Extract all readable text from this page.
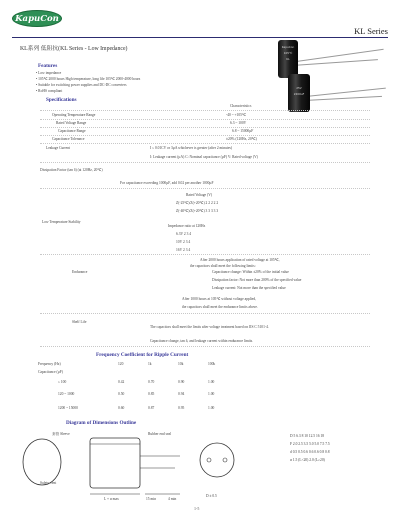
KapuCon
KL Series
KL系列 低阻抗(KL Series - Low Impedance)	KapuCon
105℃
KL
25V
2200uF
Features
• Low impedance
• 105℃ 2000 hours High temperature, long life 105℃ 2000-4000 hours
• Suitable for switching power supplies and DC-DC converters
• RoHS compliant
Specifications
Characteristics
Operating Temperature Range	-40 ~ +105℃
Rated Voltage Range	6.3 ~ 100V
Capacitance Range	6.8 ~ 15000µF
Capacitance Tolerance	±20% (120Hz, 20℃)
Leakage Current	I ≤ 0.01CV or 3µA whichever is greater (after 2 minutes)
I: Leakage current (µA) C: Nominal capacitance (µF) V: Rated voltage (V)
Dissipation Factor (tan δ) (at 120Hz, 20℃)
For capacitance exceeding 1000µF, add 0.02 per another 1000µF
Rated Voltage (V)
Z(-25℃)/Z(+20℃) 2 2 2 2 2
Z(-40℃)/Z(+20℃) 3 3 3 3 3
Low Temperature Stability
Impedance ratio at 120Hz
6.3V 2 3 4
10V 2 3 4
16V 2 3 4
After 2000 hours application of rated voltage at 105℃,
the capacitors shall meet the following limits:
Endurance	Capacitance change: Within ±20% of the initial value
Dissipation factor: Not more than 200% of the specified value
Leakage current: Not more than the specified value
After 1000 hours at 105℃ without voltage applied,
the capacitors shall meet the endurance limits above.
Shelf Life
The capacitors shall meet the limits after voltage treatment based on JIS C 5101-4.
Capacitance change, tan δ, and leakage current within endurance limits.
Frequency Coefficient for Ripple Current
Frequency (Hz)	120	1k	10k	100k
Capacitance (µF)
≤ 100	0.42	0.70	0.90	1.00
120 ~ 1000	0.50	0.85	0.94	1.00
1200 ~ 15000	0.60	0.87	0.95	1.00
Diagram of Dimensions Outline
套管 Sleeve	Rubber end seal
Safety vent
L + α max	15 min	4 min
D ± 0.5
D 5 6.3 8 10 12.5 16 18
F 2.0 2.5 3.5 5.0 5.0 7.5 7.5
d 0.5 0.5 0.6 0.6 0.6 0.8 0.8
α 1.5 (L<20) 2.0 (L≥20)
1-5
